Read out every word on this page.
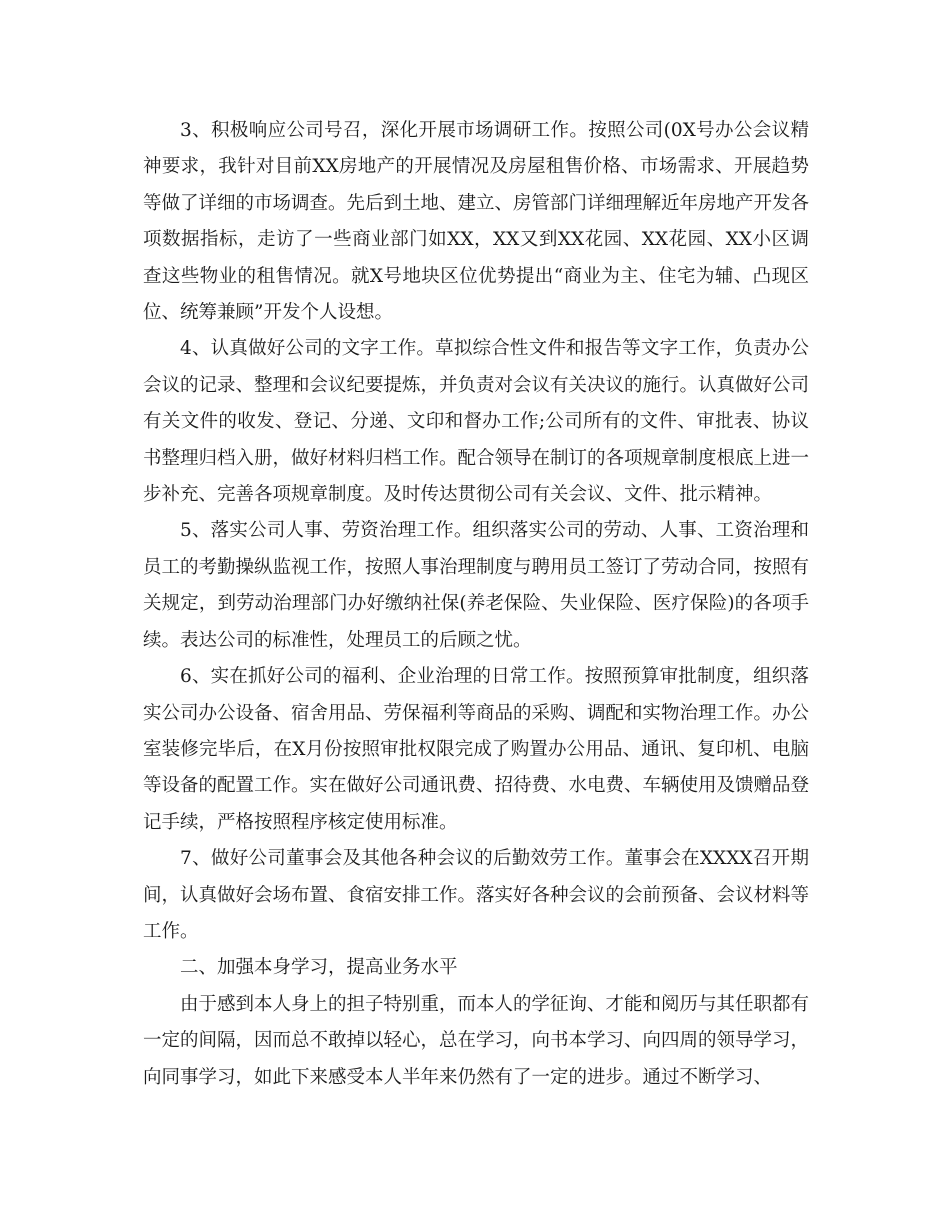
3、积极响应公司号召，深化开展市场调研工作。按照公司(0X号办公会议精神要求，我针对目前XX房地产的开展情况及房屋租售价格、市场需求、开展趋势等做了详细的市场调查。先后到土地、建立、房管部门详细理解近年房地产开发各项数据指标，走访了一些商业部门如XX，XX又到XX花园、XX花园、XX小区调查这些物业的租售情况。就X号地块区位优势提出“商业为主、住宅为辅、凸现区位、统筹兼顾”开发个人设想。

4、认真做好公司的文字工作。草拟综合性文件和报告等文字工作，负责办公会议的记录、整理和会议纪要提炼，并负责对会议有关决议的施行。认真做好公司有关文件的收发、登记、分递、文印和督办工作;公司所有的文件、审批表、协议书整理归档入册，做好材料归档工作。配合领导在制订的各项规章制度根底上进一步补充、完善各项规章制度。及时传达贯彻公司有关会议、文件、批示精神。

5、落实公司人事、劳资治理工作。组织落实公司的劳动、人事、工资治理和员工的考勤操纵监视工作，按照人事治理制度与聘用员工签订了劳动合同，按照有关规定，到劳动治理部门办好缴纳社保(养老保险、失业保险、医疗保险)的各项手续。表达公司的标准性，处理员工的后顾之忧。

6、实在抓好公司的福利、企业治理的日常工作。按照预算审批制度，组织落实公司办公设备、宿舍用品、劳保福利等商品的采购、调配和实物治理工作。办公室装修完毕后，在X月份按照审批权限完成了购置办公用品、通讯、复印机、电脑等设备的配置工作。实在做好公司通讯费、招待费、水电费、车辆使用及馈赠品登记手续，严格按照程序核定使用标准。

7、做好公司董事会及其他各种会议的后勤效劳工作。董事会在XXXX召开期间，认真做好会场布置、食宿安排工作。落实好各种会议的会前预备、会议材料等工作。

二、加强本身学习，提高业务水平

由于感到本人身上的担子特别重，而本人的学征询、才能和阅历与其任职都有一定的间隔，因而总不敢掉以轻心，总在学习，向书本学习、向四周的领导学习，向同事学习，如此下来感受本人半年来仍然有了一定的进步。通过不断学习、
